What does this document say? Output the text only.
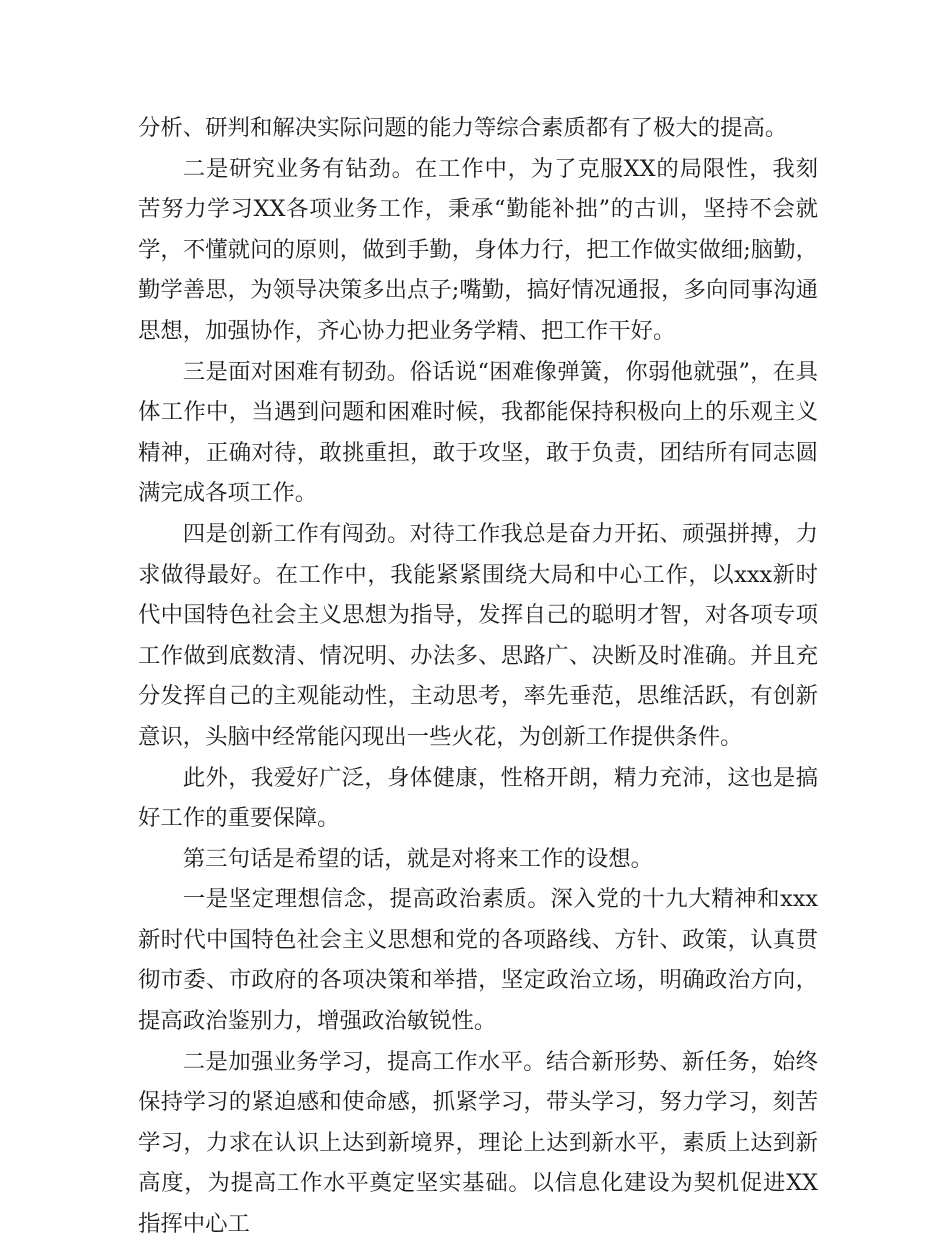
分析、研判和解决实际问题的能力等综合素质都有了极大的提高。

二是研究业务有钻劲。在工作中，为了克服XX的局限性，我刻苦努力学习XX各项业务工作，秉承“勤能补拙”的古训，坚持不会就学，不懂就问的原则，做到手勤，身体力行，把工作做实做细;脑勤，勤学善思，为领导决策多出点子;嘴勤，搞好情况通报，多向同事沟通思想，加强协作，齐心协力把业务学精、把工作干好。

三是面对困难有韧劲。俗话说“困难像弹簧，你弱他就强”，在具体工作中，当遇到问题和困难时候，我都能保持积极向上的乐观主义精神，正确对待，敢挑重担，敢于攻坚，敢于负责，团结所有同志圆满完成各项工作。

四是创新工作有闯劲。对待工作我总是奋力开拓、顽强拼搏，力求做得最好。在工作中，我能紧紧围绕大局和中心工作，以xxx新时代中国特色社会主义思想为指导，发挥自己的聪明才智，对各项专项工作做到底数清、情况明、办法多、思路广、决断及时准确。并且充分发挥自己的主观能动性，主动思考，率先垂范，思维活跃，有创新意识，头脑中经常能闪现出一些火花，为创新工作提供条件。

此外，我爱好广泛，身体健康，性格开朗，精力充沛，这也是搞好工作的重要保障。

第三句话是希望的话，就是对将来工作的设想。

一是坚定理想信念，提高政治素质。深入党的十九大精神和xxx新时代中国特色社会主义思想和党的各项路线、方针、政策，认真贯彻市委、市政府的各项决策和举措，坚定政治立场，明确政治方向，提高政治鉴别力，增强政治敏锐性。

二是加强业务学习，提高工作水平。结合新形势、新任务，始终保持学习的紧迫感和使命感，抓紧学习，带头学习，努力学习，刻苦学习，力求在认识上达到新境界，理论上达到新水平，素质上达到新高度，为提高工作水平奠定坚实基础。以信息化建设为契机促进XX指挥中心工
